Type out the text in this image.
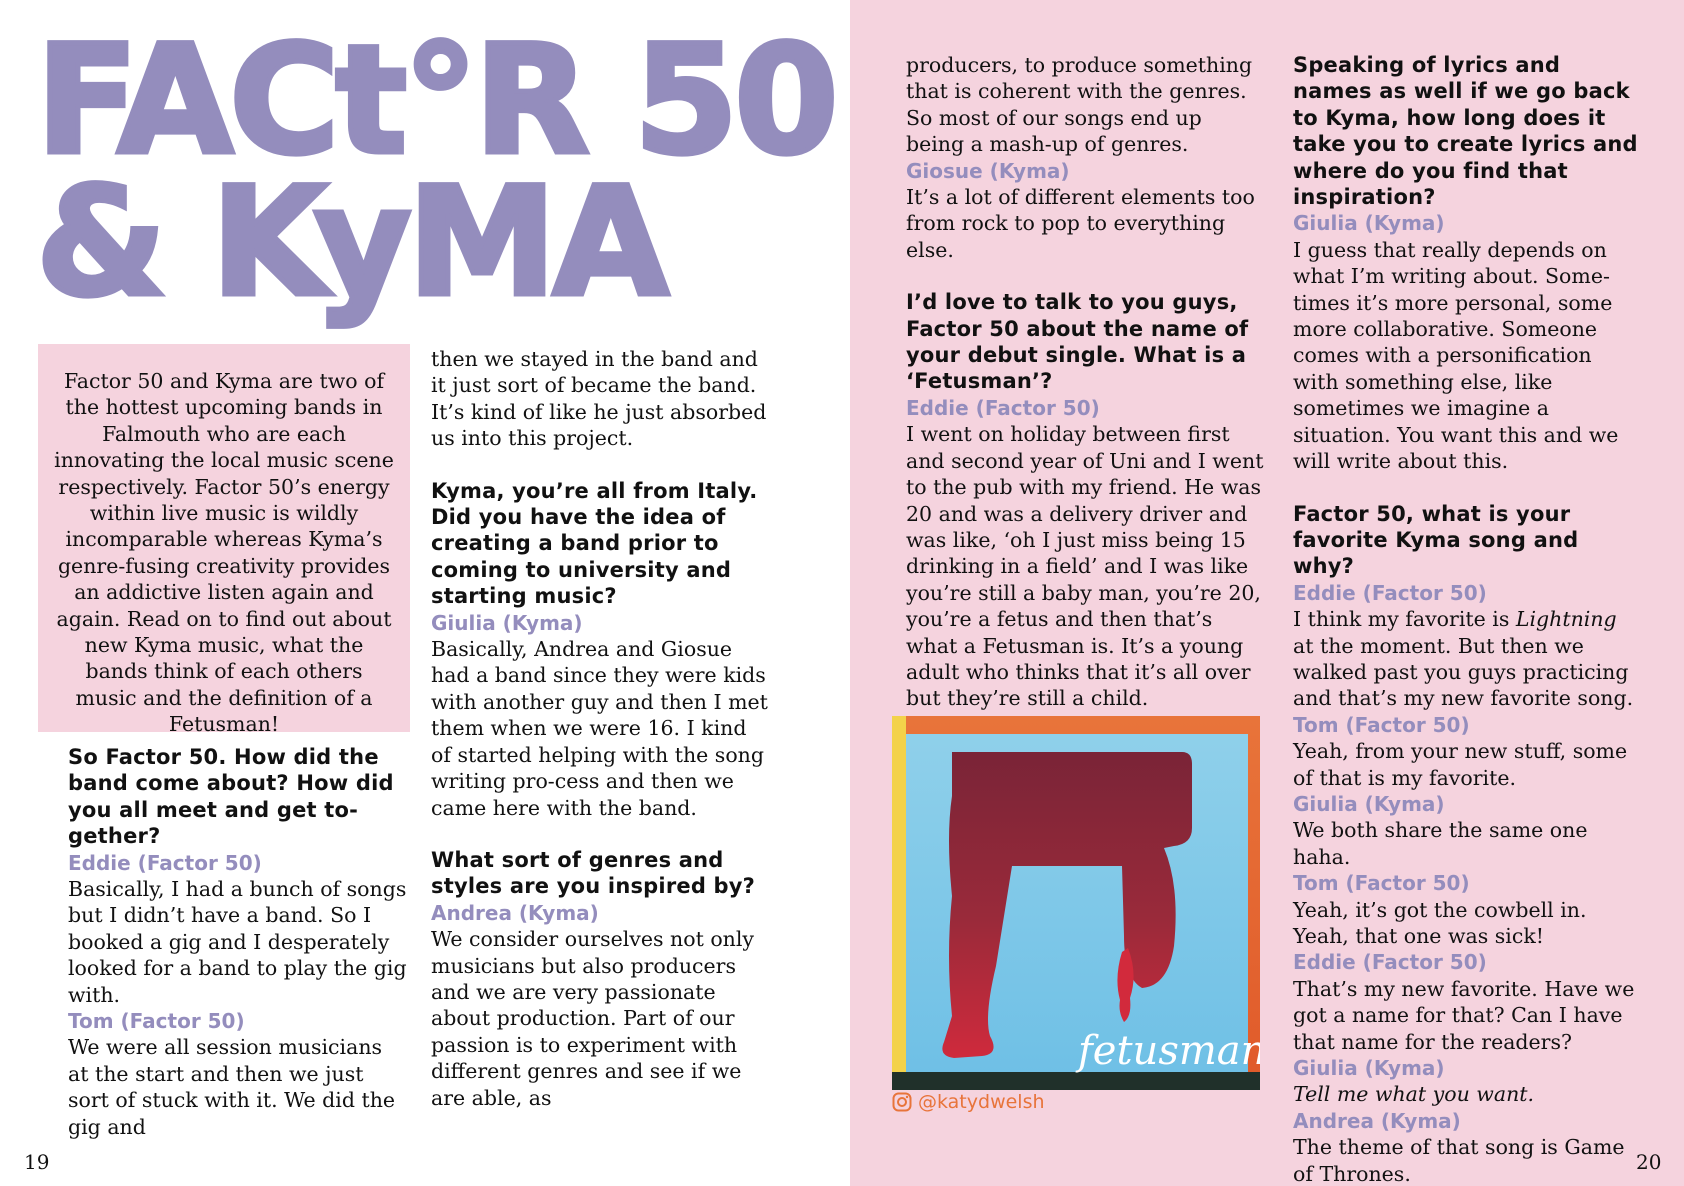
FACt°R 50
& KyMA

Factor 50 and Kyma are two of the hottest upcoming bands in Falmouth who are each innovating the local music scene respectively. Factor 50’s energy within live music is wildly incomparable whereas Kyma’s genre-fusing creativity provides an addictive listen again and again. Read on to find out about new Kyma music, what the bands think of each others music and the definition of a Fetusman!

So Factor 50. How did the band come about? How did you all meet and get to-gether?

Eddie (Factor 50)

Basically, I had a bunch of songs but I didn’t have a band. So I booked a gig and I desperately looked for a band to play the gig with.

Tom (Factor 50)

We were all session musicians at the start and then we just sort of stuck with it. We did the gig and

then we stayed in the band and it just sort of became the band. It’s kind of like he just absorbed us into this project.

Kyma, you’re all from Italy. Did you have the idea of creating a band prior to coming to university and starting music?

Giulia (Kyma)

Basically, Andrea and Giosue had a band since they were kids with another guy and then I met them when we were 16. I kind of started helping with the song writing pro-cess and then we came here with the band.

What sort of genres and styles are you inspired by?

Andrea (Kyma)

We consider ourselves not only musicians but also producers and we are very passionate about production. Part of our passion is to experiment with different genres and see if we are able, as

producers, to produce something that is coherent with the genres. So most of our songs end up being a mash-up of genres.

Giosue (Kyma)

It’s a lot of different elements too from rock to pop to everything else.

I’d love to talk to you guys, Factor 50 about the name of your debut single. What is a ‘Fetusman’?

Eddie (Factor 50)

I went on holiday between first and second year of Uni and I went to the pub with my friend. He was 20 and was a delivery driver and was like, ‘oh I just miss being 15 drinking in a field’ and I was like you’re still a baby man, you’re 20, you’re a fetus and then that’s what a Fetusman is. It’s a young adult who thinks that it’s all over but they’re still a child.

Speaking of lyrics and names as well if we go back to Kyma, how long does it take you to create lyrics and where do you find that inspiration?

Giulia (Kyma)

I guess that really depends on what I’m writing about. Some-times it’s more personal, some more collaborative. Someone comes with a personification with something else, like sometimes we imagine a situation. You want this and we will write about this.

Factor 50, what is your favorite Kyma song and why?

Eddie (Factor 50)

I think my favorite is Lightning at the moment. But then we walked past you guys practicing and that’s my new favorite song.

Tom (Factor 50)

Yeah, from your new stuff, some of that is my favorite.

Giulia (Kyma)

We both share the same one haha.

Tom (Factor 50)

Yeah, it’s got the cowbell in. Yeah, that one was sick!

Eddie (Factor 50)

That’s my new favorite. Have we got a name for that? Can I have that name for the readers?

Giulia (Kyma)

Tell me what you want.

Andrea (Kyma)

The theme of that song is Game of Thrones.

fetusman
@katydwelsh
19	20
